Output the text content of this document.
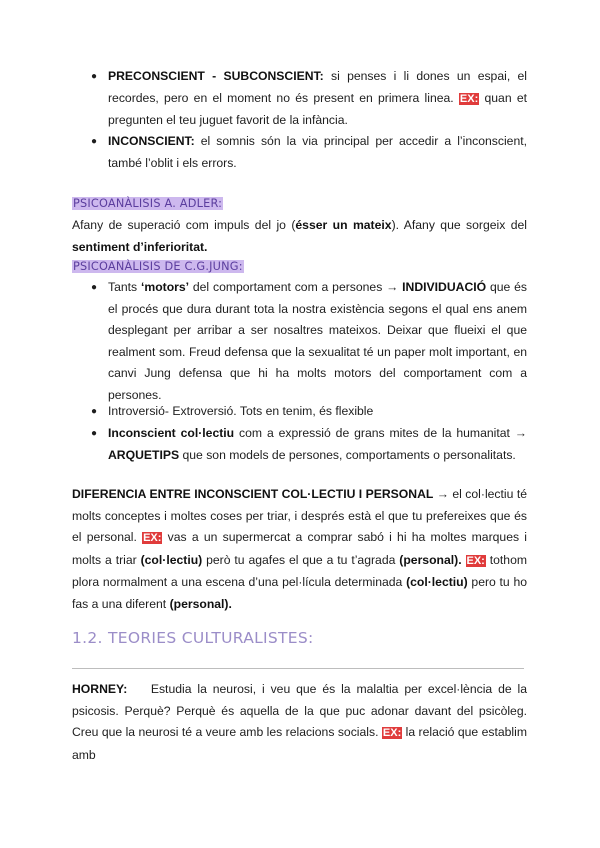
● PRECONSCIENT - SUBCONSCIENT: si penses i li dones un espai, el recordes, pero en el moment no és present en primera linea. EX: quan et pregunten el teu juguet favorit de la infància.
● INCONSCIENT: el somnis són la via principal per accedir a l’inconscient, també l’oblit i els errors.
PSICOANÀLISIS A. ADLER:
Afany de superació com impuls del jo (ésser un mateix). Afany que sorgeix del sentiment d’inferioritat.
PSICOANÀLISIS DE C.G.JUNG:
● Tants ‘motors’ del comportament com a persones → INDIVIDUACIÓ que és el procés que dura durant tota la nostra existència segons el qual ens anem desplegant per arribar a ser nosaltres mateixos. Deixar que flueixi el que realment som. Freud defensa que la sexualitat té un paper molt important, en canvi Jung defensa que hi ha molts motors del comportament com a persones.
● Introversió- Extroversió. Tots en tenim, és flexible
● Inconscient col·lectiu com a expressió de grans mites de la humanitat → ARQUETIPS que son models de persones, comportaments o personalitats.
DIFERENCIA ENTRE INCONSCIENT COL·LECTIU I PERSONAL → el col·lectiu té molts conceptes i moltes coses per triar, i després està el que tu prefereixes que és el personal. EX: vas a un supermercat a comprar sabó i hi ha moltes marques i molts a triar (col·lectiu) però tu agafes el que a tu t’agrada (personal). EX: tothom plora normalment a una escena d’una pel·lícula determinada (col·lectiu) pero tu ho fas a una diferent (personal).
1.2. TEORIES CULTURALISTES:
HORNEY:    Estudia la neurosi, i veu que és la malaltia per excel·lència de la psicosis. Perquè? Perquè és aquella de la que puc adonar davant del psicòleg. Creu que la neurosi té a veure amb les relacions socials. EX: la relació que establim amb
